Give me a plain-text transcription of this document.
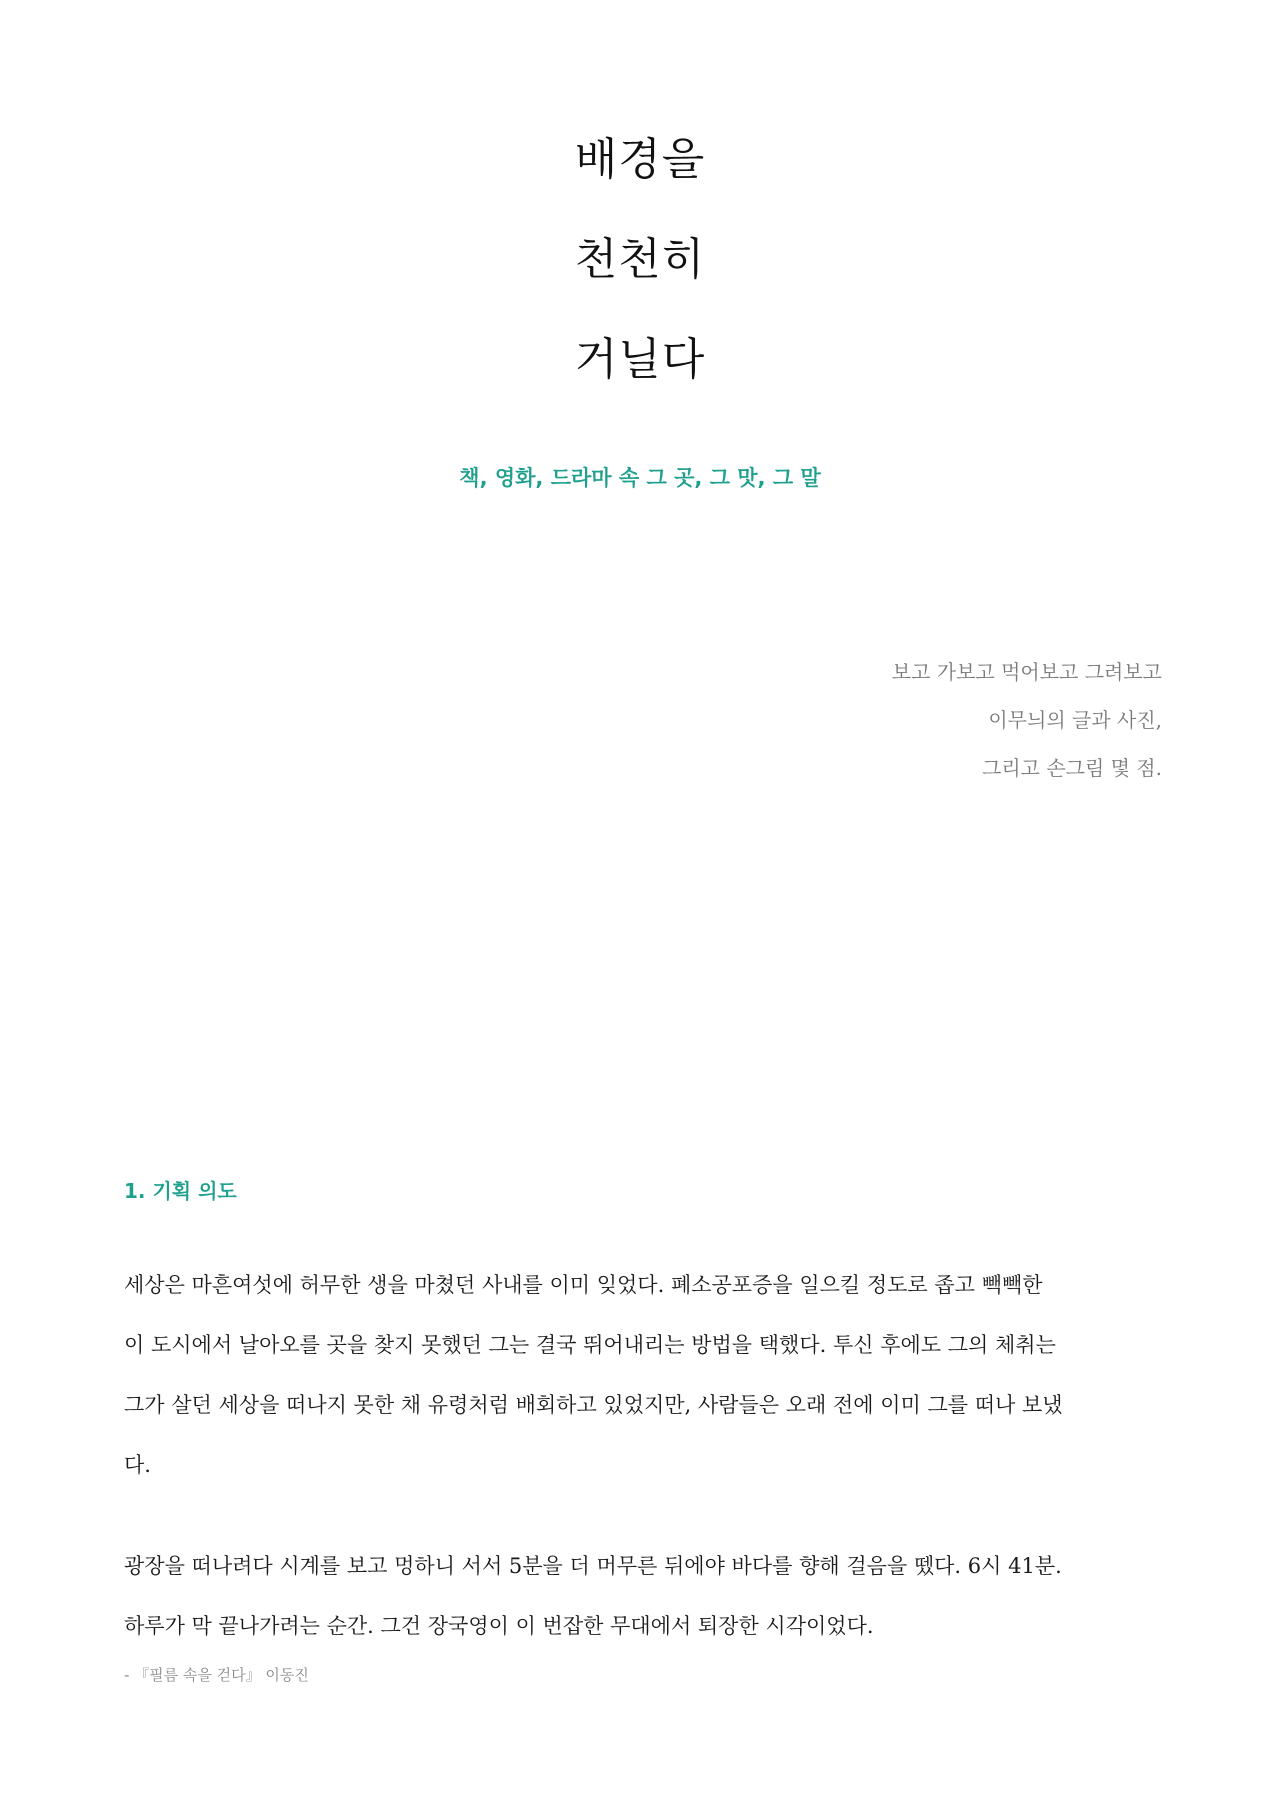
배경을
천천히
거닐다
책, 영화, 드라마 속 그 곳, 그 맛, 그 말
보고 가보고 먹어보고 그려보고
이무늬의 글과 사진,
그리고 손그림 몇 점.
1. 기획 의도
세상은 마흔여섯에 허무한 생을 마쳤던 사내를 이미 잊었다. 폐소공포증을 일으킬 정도로 좁고 빽빽한
이 도시에서 날아오를 곳을 찾지 못했던 그는 결국 뛰어내리는 방법을 택했다. 투신 후에도 그의 체취는
그가 살던 세상을 떠나지 못한 채 유령처럼 배회하고 있었지만, 사람들은 오래 전에 이미 그를 떠나 보냈
다.
광장을 떠나려다 시계를 보고 멍하니 서서 5분을 더 머무른 뒤에야 바다를 향해 걸음을 뗐다. 6시 41분.
하루가 막 끝나가려는 순간. 그건 장국영이 이 번잡한 무대에서 퇴장한 시각이었다.
- 『필름 속을 걷다』 이동진
